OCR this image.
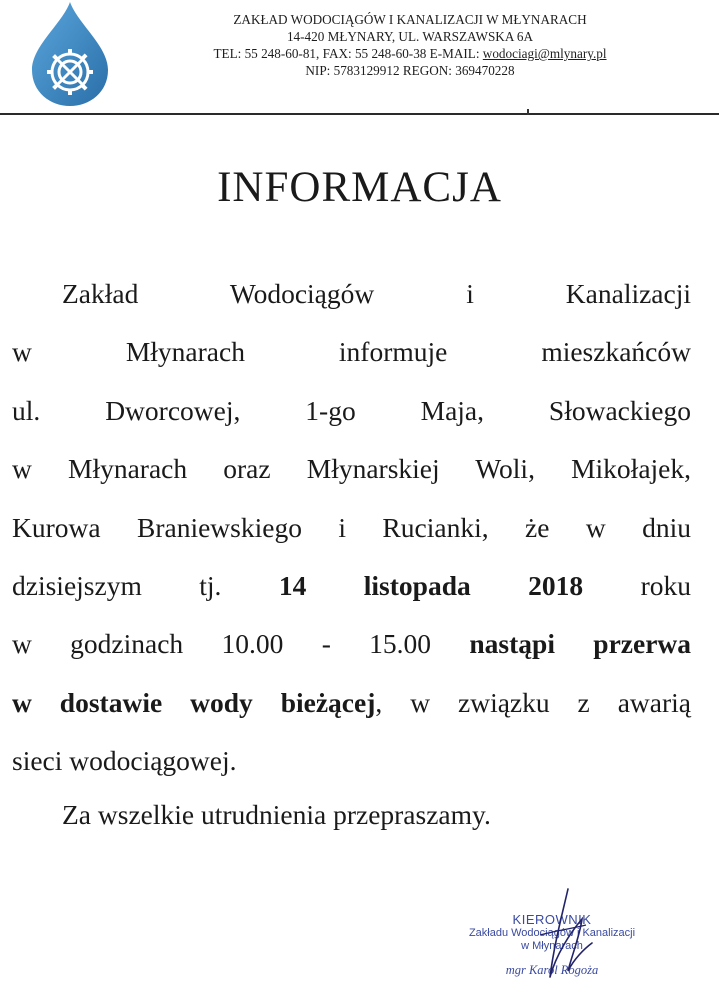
ZAKŁAD WODOCIĄGÓW I KANALIZACJI W MŁYNARACH
14-420 MŁYNARY, UL. WARSZAWSKA 6A
TEL: 55 248-60-81, FAX: 55 248-60-38 E-MAIL: wodociagi@mlynary.pl
NIP: 5783129912 REGON: 369470228
INFORMACJA
Zakład Wodociągów i Kanalizacji
w Młynarach informuje mieszkańców
ul. Dworcowej, 1-go Maja, Słowackiego
w Młynarach oraz Młynarskiej Woli, Mikołajek,
Kurowa Braniewskiego i Rucianki, że w dniu
dzisiejszym tj. 14 listopada 2018 roku
w godzinach 10.00 - 15.00 nastąpi przerwa
w dostawie wody bieżącej, w związku z awarią
sieci wodociągowej.
Za wszelkie utrudnienia przepraszamy.
KIEROWNIK
Zakładu Wodociągów i Kanalizacji
w Młynarach
mgr Karol Rogoża
